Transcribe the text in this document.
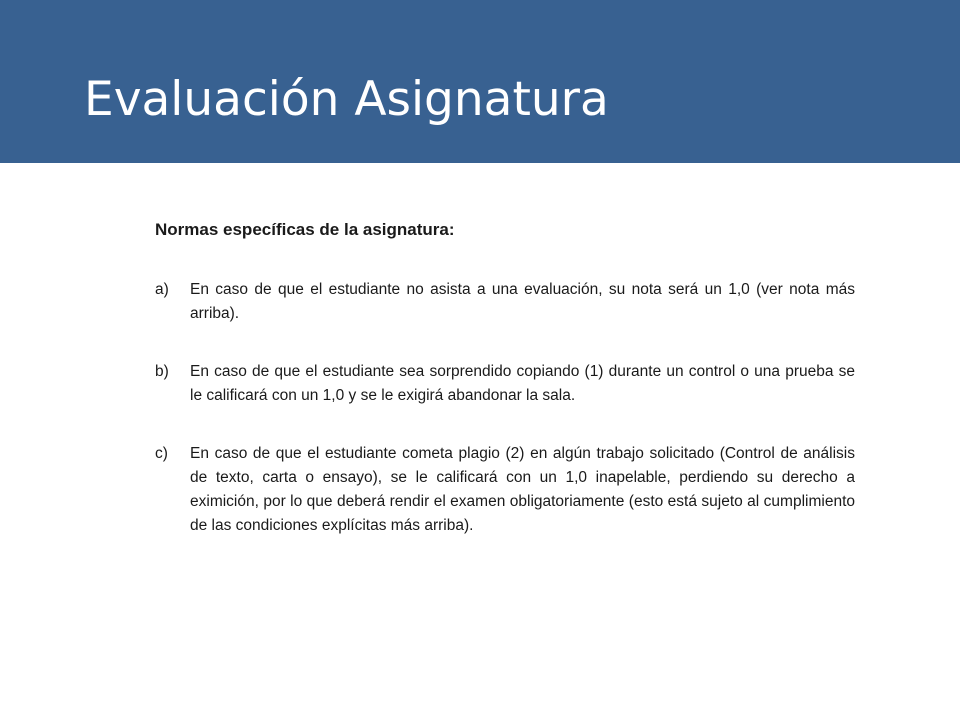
Evaluación Asignatura
Normas específicas de la asignatura:
a) En caso de que el estudiante no asista a una evaluación, su nota será un 1,0 (ver nota más arriba).
b) En caso de que el estudiante sea sorprendido copiando (1) durante un control o una prueba se le calificará con un 1,0 y se le exigirá abandonar la sala.
c) En caso de que el estudiante cometa plagio (2) en algún trabajo solicitado (Control de análisis de texto, carta o ensayo), se le calificará con un 1,0 inapelable, perdiendo su derecho a eximición, por lo que deberá rendir el examen obligatoriamente (esto está sujeto al cumplimiento de las condiciones explícitas más arriba).
